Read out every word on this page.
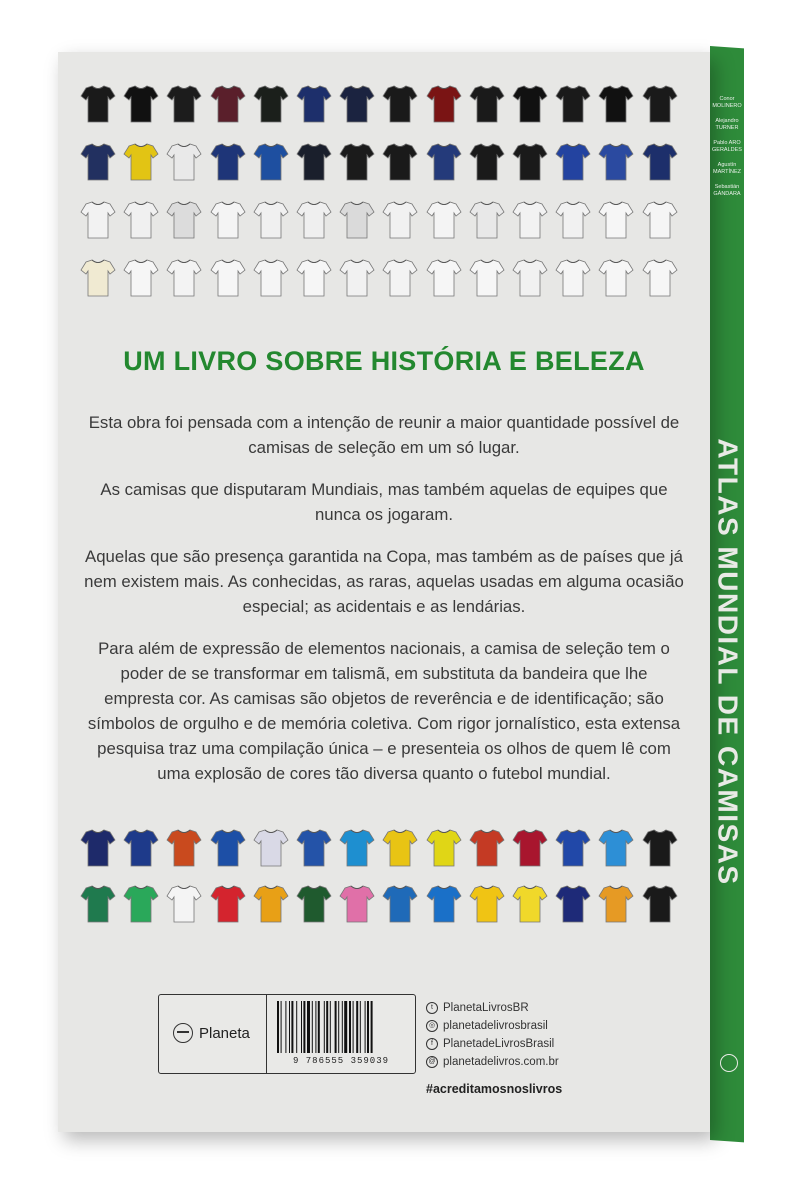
UM LIVRO SOBRE HISTÓRIA E BELEZA

Esta obra foi pensada com a intenção de reunir a maior quantidade possível de camisas de seleção em um só lugar.

As camisas que disputaram Mundiais, mas também aquelas de equipes que nunca os jogaram.

Aquelas que são presença garantida na Copa, mas também as de países que já nem existem mais. As conhecidas, as raras, aquelas usadas em alguma ocasião especial; as acidentais e as lendárias.

Para além de expressão de elementos nacionais, a camisa de seleção tem o poder de se transformar em talismã, em substituta da bandeira que lhe empresta cor. As camisas são objetos de reverência e de identificação; são símbolos de orgulho e de memória coletiva. Com rigor jornalístico, esta extensa pesquisa traz uma compilação única – e presenteia os olhos de quem lê com uma explosão de cores tão diversa quanto o futebol mundial.

Planeta
9 786555 359039
t PlanetaLivrosBR
◎ planetadelivrosbrasil
f PlanetadeLivrosBrasil
@ planetadelivros.com.br
#acreditamosnoslivros
Conor MOLINERO
Alejandro TURNER
Pablo ARO GERALDES
Agustín MARTÍNEZ
Sebastián GÁNDARA
ATLAS MUNDIAL DE CAMISAS
